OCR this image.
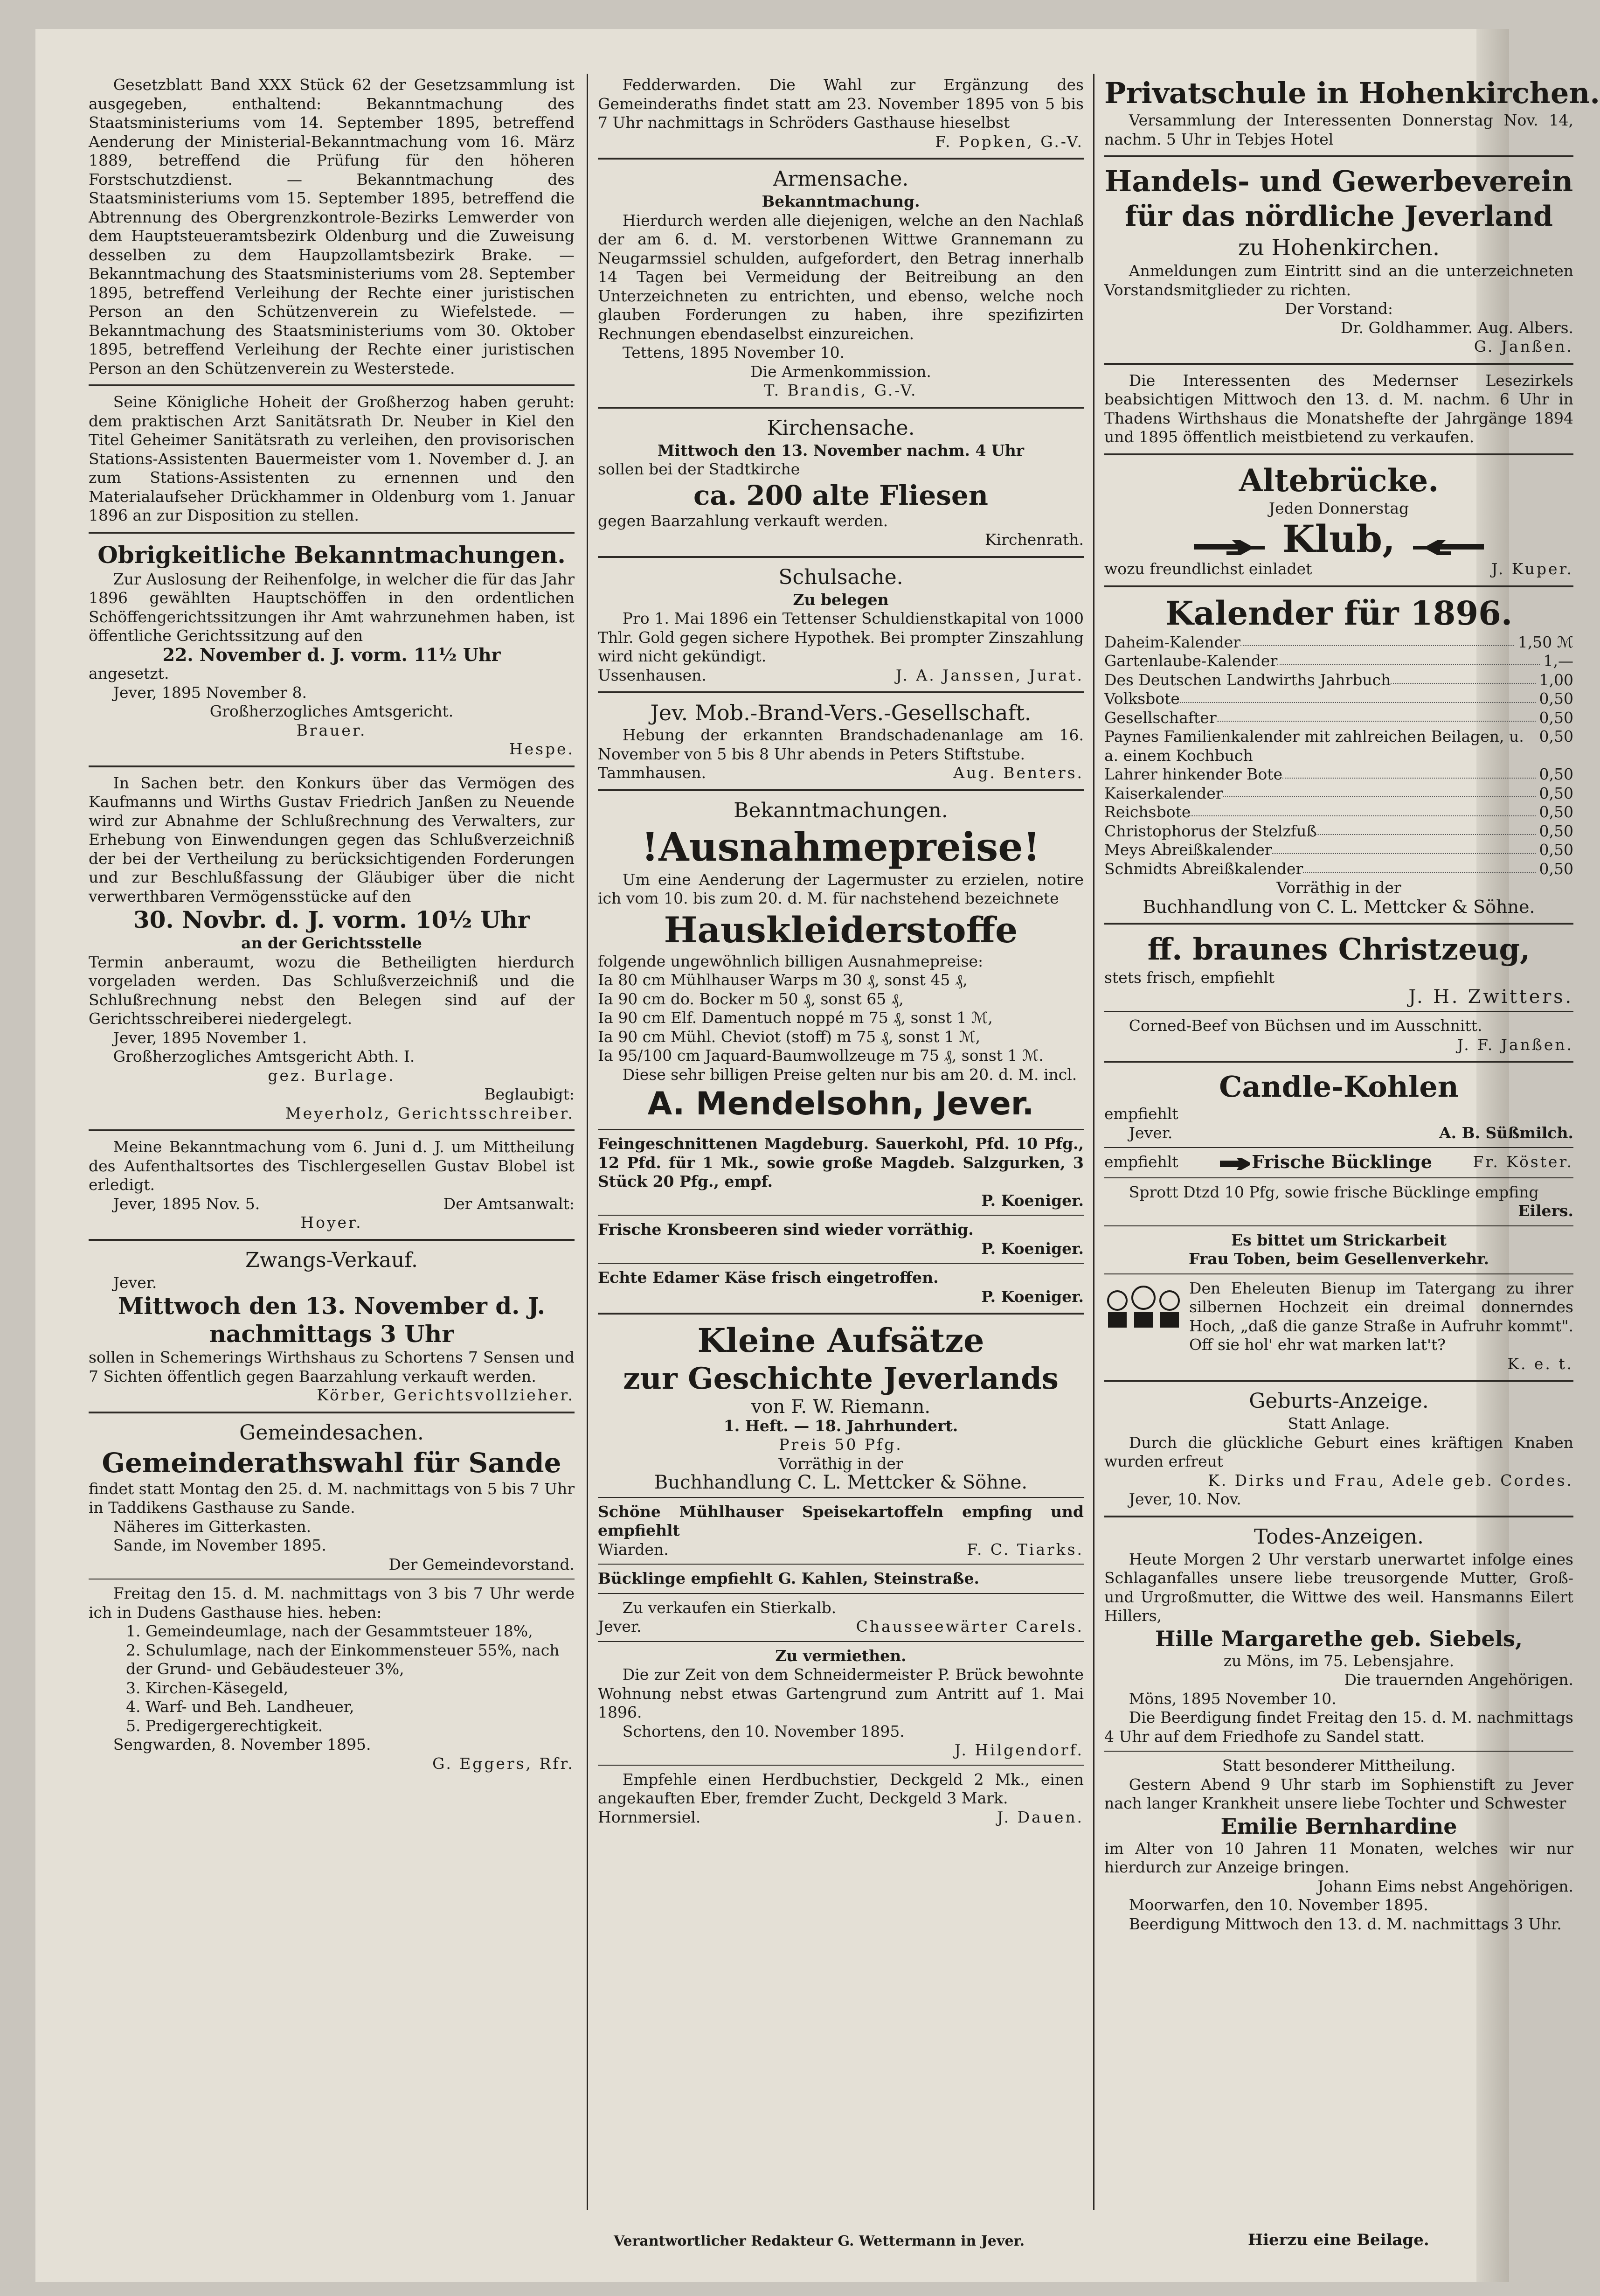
Gesetzblatt Band XXX Stück 62 der Gesetzsammlung ist ausgegeben, enthaltend: Bekanntmachung des Staatsministeriums vom 14. September 1895, betreffend Aenderung der Ministerial-Bekanntmachung vom 16. März 1889, betreffend die Prüfung für den höheren Forstschutzdienst. — Bekanntmachung des Staatsministeriums vom 15. September 1895, betreffend die Abtrennung des Obergrenzkontrole-Bezirks Lemwerder von dem Hauptsteueramtsbezirk Oldenburg und die Zuweisung desselben zu dem Haupzollamtsbezirk Brake. — Bekanntmachung des Staatsministeriums vom 28. September 1895, betreffend Verleihung der Rechte einer juristischen Person an den Schützenverein zu Wiefelstede. — Bekanntmachung des Staatsministeriums vom 30. Oktober 1895, betreffend Verleihung der Rechte einer juristischen Person an den Schützenverein zu Westerstede.

Seine Königliche Hoheit der Großherzog haben geruht: dem praktischen Arzt Sanitätsrath Dr. Neuber in Kiel den Titel Geheimer Sanitätsrath zu verleihen, den provisorischen Stations-Assistenten Bauermeister vom 1. November d. J. an zum Stations-Assistenten zu ernennen und den Materialaufseher Drückhammer in Oldenburg vom 1. Januar 1896 an zur Disposition zu stellen.

Obrigkeitliche Bekanntmachungen.

Zur Auslosung der Reihenfolge, in welcher die für das Jahr 1896 gewählten Hauptschöffen in den ordentlichen Schöffengerichtssitzungen ihr Amt wahrzunehmen haben, ist öffentliche Gerichtssitzung auf den

22. November d. J. vorm. 11½ Uhr

angesetzt.

Jever, 1895 November 8.

Großherzogliches Amtsgericht.
Brauer.
Hespe.

In Sachen betr. den Konkurs über das Vermögen des Kaufmanns und Wirths Gustav Friedrich Janßen zu Neuende wird zur Abnahme der Schlußrechnung des Verwalters, zur Erhebung von Einwendungen gegen das Schlußverzeichniß der bei der Vertheilung zu berücksichtigenden Forderungen und zur Beschlußfassung der Gläubiger über die nicht verwerthbaren Vermögensstücke auf den

30. Novbr. d. J. vorm. 10½ Uhr
an der Gerichtsstelle

Termin anberaumt, wozu die Betheiligten hierdurch vorgeladen werden. Das Schlußverzeichniß und die Schlußrechnung nebst den Belegen sind auf der Gerichtsschreiberei niedergelegt.

Jever, 1895 November 1.

Großherzogliches Amtsgericht Abth. I.

gez. Burlage.
Beglaubigt:
Meyerholz, Gerichtsschreiber.

Meine Bekanntmachung vom 6. Juni d. J. um Mittheilung des Aufenthaltsortes des Tischlergesellen Gustav Blobel ist erledigt.

Jever, 1895 Nov. 5.	Der Amtsanwalt:
Hoyer.
Zwangs-Verkauf.

Jever.

Mittwoch den 13. November d. J.
nachmittags 3 Uhr

sollen in Schemerings Wirthshaus zu Schortens 7 Sensen und 7 Sichten öffentlich gegen Baarzahlung verkauft werden.

Körber, Gerichtsvollzieher.
Gemeindesachen.
Gemeinderathswahl für Sande

findet statt Montag den 25. d. M. nachmittags von 5 bis 7 Uhr in Taddikens Gasthause zu Sande.

Näheres im Gitterkasten.

Sande, im November 1895.

Der Gemeindevorstand.

Freitag den 15. d. M. nachmittags von 3 bis 7 Uhr werde ich in Dudens Gasthause hies. heben:

1. Gemeindeumlage, nach der Gesammtsteuer 18%,
2. Schulumlage, nach der Einkommensteuer 55%, nach der Grund- und Gebäudesteuer 3%,
3. Kirchen-Käsegeld,
4. Warf- und Beh. Landheuer,
5. Predigergerechtigkeit.

Sengwarden, 8. November 1895.

G. Eggers, Rfr.

Fedderwarden. Die Wahl zur Ergänzung des Gemeinderaths findet statt am 23. November 1895 von 5 bis 7 Uhr nachmittags in Schröders Gasthause hieselbst

F. Popken, G.-V.
Armensache.
Bekanntmachung.

Hierdurch werden alle diejenigen, welche an den Nachlaß der am 6. d. M. verstorbenen Wittwe Grannemann zu Neugarmssiel schulden, aufgefordert, den Betrag innerhalb 14 Tagen bei Vermeidung der Beitreibung an den Unterzeichneten zu entrichten, und ebenso, welche noch glauben Forderungen zu haben, ihre spezifizirten Rechnungen ebendaselbst einzureichen.

Tettens, 1895 November 10.

Die Armenkommission.
T. Brandis, G.-V.
Kirchensache.
Mittwoch den 13. November nachm. 4 Uhr

sollen bei der Stadtkirche

ca. 200 alte Fliesen

gegen Baarzahlung verkauft werden.

Kirchenrath.
Schulsache.
Zu belegen

Pro 1. Mai 1896 ein Tettenser Schuldienstkapital von 1000 Thlr. Gold gegen sichere Hypothek. Bei prompter Zinszahlung wird nicht gekündigt.

Ussenhausen.	J. A. Janssen, Jurat.
Jev. Mob.-Brand-Vers.-Gesellschaft.

Hebung der erkannten Brandschadenanlage am 16. November von 5 bis 8 Uhr abends in Peters Stiftstube.

Tammhausen.	Aug. Benters.
Bekanntmachungen.
!Ausnahmepreise!

Um eine Aenderung der Lagermuster zu erzielen, notire ich vom 10. bis zum 20. d. M. für nachstehend bezeichnete

Hauskleiderstoffe

folgende ungewöhnlich billigen Ausnahmepreise:

Ia 80 cm Mühlhauser Warps m 30 ₰, sonst 45 ₰,
Ia 90 cm do. Bocker m 50 ₰, sonst 65 ₰,
Ia 90 cm Elf. Damentuch noppé m 75 ₰, sonst 1 ℳ,
Ia 90 cm Mühl. Cheviot (stoff) m 75 ₰, sonst 1 ℳ,
Ia 95/100 cm Jaquard-Baumwollzeuge m 75 ₰, sonst 1 ℳ.

Diese sehr billigen Preise gelten nur bis am 20. d. M. incl.

A. Mendelsohn, Jever.

Feingeschnittenen Magdeburg. Sauerkohl, Pfd. 10 Pfg., 12 Pfd. für 1 Mk., sowie große Magdeb. Salzgurken, 3 Stück 20 Pfg., empf.

P. Koeniger.

Frische Kronsbeeren sind wieder vorräthig.

P. Koeniger.

Echte Edamer Käse frisch eingetroffen.

P. Koeniger.
Kleine Aufsätze
zur Geschichte Jeverlands
von F. W. Riemann.
1. Heft. — 18. Jahrhundert.
Preis 50 Pfg.
Vorräthig in der
Buchhandlung C. L. Mettcker & Söhne.

Schöne Mühlhauser Speisekartoffeln empfing und empfiehlt

Wiarden.	F. C. Tiarks.

Bücklinge empfiehlt G. Kahlen, Steinstraße.

Zu verkaufen ein Stierkalb.

Jever.	Chausseewärter Carels.
Zu vermiethen.

Die zur Zeit von dem Schneidermeister P. Brück bewohnte Wohnung nebst etwas Gartengrund zum Antritt auf 1. Mai 1896.

Schortens, den 10. November 1895.

J. Hilgendorf.

Empfehle einen Herdbuchstier, Deckgeld 2 Mk., einen angekauften Eber, fremder Zucht, Deckgeld 3 Mark.

Hornmersiel.	J. Dauen.
Privatschule in Hohenkirchen.

Versammlung der Interessenten Donnerstag Nov. 14, nachm. 5 Uhr in Tebjes Hotel

Handels- und Gewerbeverein
für das nördliche Jeverland
zu Hohenkirchen.

Anmeldungen zum Eintritt sind an die unterzeichneten Vorstandsmitglieder zu richten.

Der Vorstand:
Dr. Goldhammer. Aug. Albers.
G. Janßen.

Die Interessenten des Medernser Lesezirkels beabsichtigen Mittwoch den 13. d. M. nachm. 6 Uhr in Thadens Wirthshaus die Monatshefte der Jahrgänge 1894 und 1895 öffentlich meistbietend zu verkaufen.

Altebrücke.
Jeden Donnerstag
Klub,
wozu freundlichst einladet	J. Kuper.
Kalender für 1896.
Daheim-Kalender	1,50 ℳ
Gartenlaube-Kalender	1,—
Des Deutschen Landwirths Jahrbuch	1,00
Volksbote	0,50
Gesellschafter	0,50
Paynes Familienkalender mit zahlreichen Beilagen, u. a. einem Kochbuch
0,50
Lahrer hinkender Bote	0,50
Kaiserkalender	0,50
Reichsbote	0,50
Christophorus der Stelzfuß	0,50
Meys Abreißkalender	0,50
Schmidts Abreißkalender	0,50
Vorräthig in der
Buchhandlung von C. L. Mettcker & Söhne.
ff. braunes Christzeug,

stets frisch, empfiehlt

J. H. Zwitters.

Corned-Beef von Büchsen und im Ausschnitt.

J. F. Janßen.
Candle-Kohlen

empfiehlt

Jever.	A. B. Süßmilch.
empfiehlt	Frische Bücklinge	Fr. Köster.

Sprott Dtzd 10 Pfg, sowie frische Bücklinge empfing

Eilers.
Es bittet um Strickarbeit
Frau Toben, beim Gesellenverkehr.

Den Eheleuten Bienup im Tatergang zu ihrer silbernen Hochzeit ein dreimal donnerndes Hoch, „daß die ganze Straße in Aufruhr kommt". Off sie hol' ehr wat marken lat't?

K. e. t.
Geburts-Anzeige.
Statt Anlage.

Durch die glückliche Geburt eines kräftigen Knaben wurden erfreut

K. Dirks und Frau, Adele geb. Cordes.

Jever, 10. Nov.

Todes-Anzeigen.

Heute Morgen 2 Uhr verstarb unerwartet infolge eines Schlaganfalles unsere liebe treusorgende Mutter, Groß- und Urgroßmutter, die Wittwe des weil. Hansmanns Eilert Hillers,

Hille Margarethe geb. Siebels,
zu Möns, im 75. Lebensjahre.
Die trauernden Angehörigen.

Möns, 1895 November 10.

Die Beerdigung findet Freitag den 15. d. M. nachmittags 4 Uhr auf dem Friedhofe zu Sandel statt.

Statt besonderer Mittheilung.

Gestern Abend 9 Uhr starb im Sophienstift zu Jever nach langer Krankheit unsere liebe Tochter und Schwester

Emilie Bernhardine

im Alter von 10 Jahren 11 Monaten, welches wir nur hierdurch zur Anzeige bringen.

Johann Eims nebst Angehörigen.

Moorwarfen, den 10. November 1895.

Beerdigung Mittwoch den 13. d. M. nachmittags 3 Uhr.

Verantwortlicher Redakteur G. Wettermann in Jever.	Hierzu eine Beilage.
